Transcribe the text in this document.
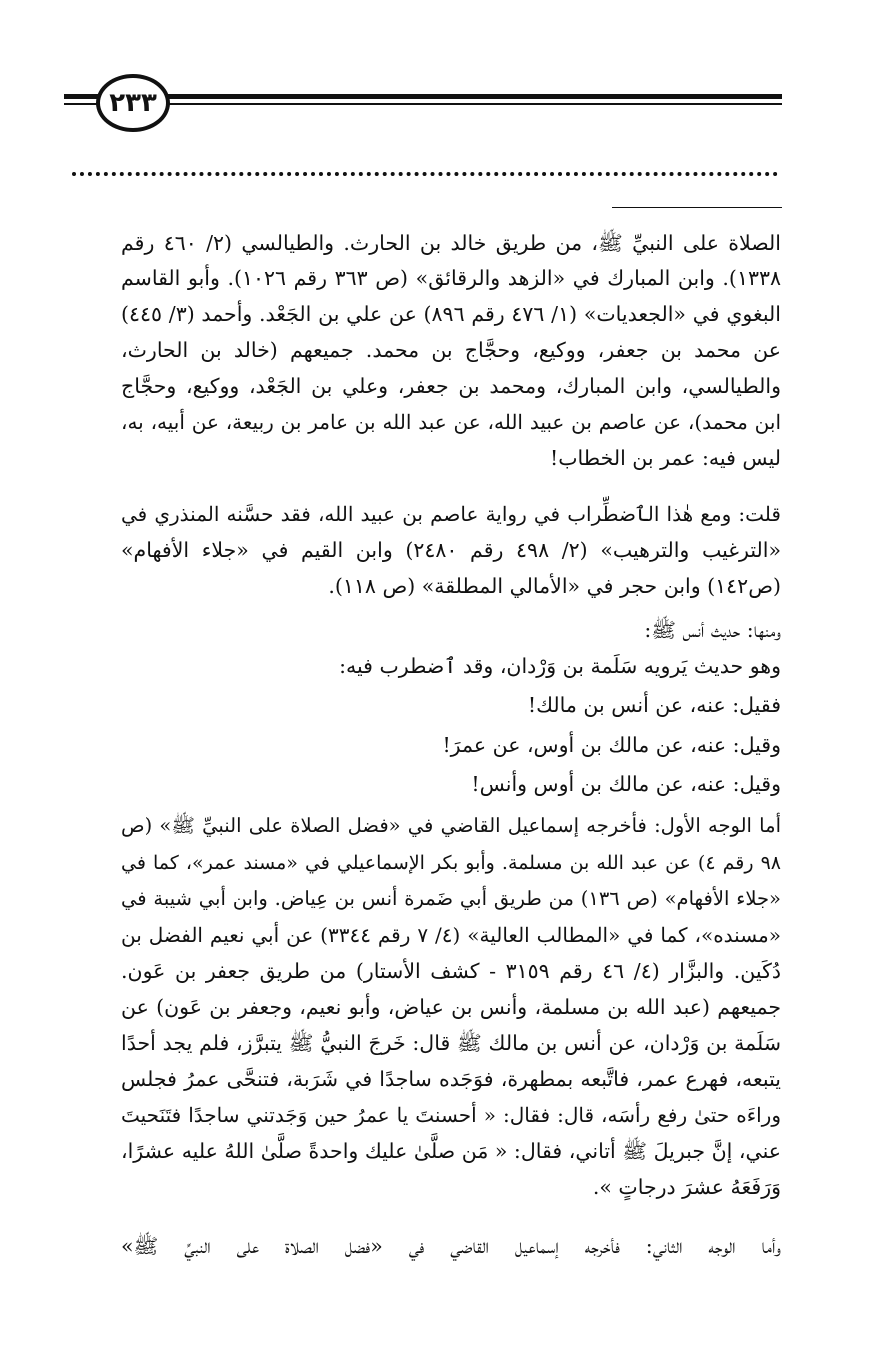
٢٣٣
الصلاة على النبيِّ ﷺ، من طريق خالد بن الحارث. والطيالسي (٢/ ٤٦٠ رقم
١٣٣٨). وابن المبارك في «الزهد والرقائق» (ص ٣٦٣ رقم ١٠٢٦). وأبو القاسم
البغوي في «الجعديات» (١/ ٤٧٦ رقم ٨٩٦) عن علي بن الجَعْد. وأحمد (٣/ ٤٤٥)
عن محمد بن جعفر، ووكيع، وحجَّاج بن محمد. جميعهم (خالد بن الحارث،
والطيالسي، وابن المبارك، ومحمد بن جعفر، وعلي بن الجَعْد، ووكيع، وحجَّاج
ابن محمد)، عن عاصم بن عبيد الله، عن عبد الله بن عامر بن ربيعة، عن أبيه، به،
ليس فيه: عمر بن الخطاب!
قلت: ومع هٰذا الٱضطِّراب في رواية عاصم بن عبيد الله، فقد حسَّنه المنذري في
«الترغيب والترهيب» (٢/ ٤٩٨ رقم ٢٤٨٠) وابن القيم في «جلاء الأفهام»
(ص١٤٢) وابن حجر في «الأمالي المطلقة» (ص ١١٨).
ومنها: حديث أنس ﷺ:
وهو حديث يَرويه سَلَمة بن وَرْدان، وقد ٱضطرب فيه:
فقيل: عنه، عن أنس بن مالك!
وقيل: عنه، عن مالك بن أوس، عن عمرَ!
وقيل: عنه، عن مالك بن أوس وأنس!
أما الوجه الأول: فأخرجه إسماعيل القاضي في «فضل الصلاة على النبيِّ ﷺ» (ص
٩٨ رقم ٤) عن عبد الله بن مسلمة. وأبو بكر الإسماعيلي في «مسند عمر»، كما في
«جلاء الأفهام» (ص ١٣٦) من طريق أبي ضَمرة أنس بن عِياض. وابن أبي شيبة في
«مسنده»، كما في «المطالب العالية» (٤/ ٧ رقم ٣٣٤٤) عن أبي نعيم الفضل بن
دُكَين. والبزَّار (٤/ ٤٦ رقم ٣١٥٩ - كشف الأستار) من طريق جعفر بن عَون.
جميعهم (عبد الله بن مسلمة، وأنس بن عياض، وأبو نعيم، وجعفر بن عَون) عن
سَلَمة بن وَرْدان، عن أنس بن مالك ﷺ قال: خَرجَ النبيُّ ﷺ يتبرَّز، فلم يجد أحدًا
يتبعه، فهرع عمر، فاتَّبعه بمطهرة، فوَجَده ساجدًا في شَرَبة، فتنحَّى عمرُ فجلس
وراءَه حتىٰ رفع رأسَه، قال: فقال: « أحسنتَ يا عمرُ حين وَجَدتني ساجدًا فتَنَحيتَ
عني، إنَّ جبريلَ ﷺ أتاني، فقال: « مَن صلَّىٰ عليك واحدةً صلَّىٰ اللهُ عليه عشرًا،
وَرَفَعَهُ عشرَ درجاتٍ ».
وأما الوجه الثاني: فأخرجه إسماعيل القاضي في «فضل الصلاة على النبيِّ ﷺ»
